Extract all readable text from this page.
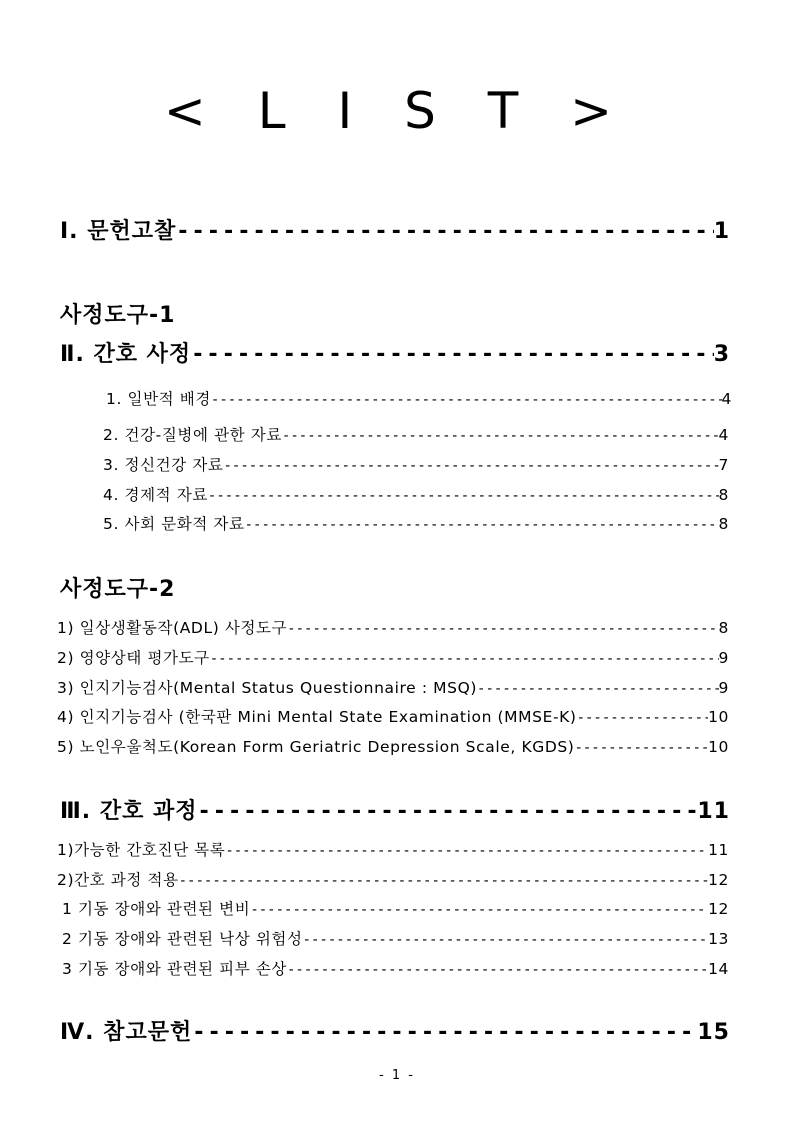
< L I S T >
Ⅰ. 문헌고찰 -----	1
사정도구-1
Ⅱ. 간호 사정 -----	3
1. 일반적 배경 -----	4
2. 건강-질병에 관한 자료 -----	4
3. 정신건강 자료 -----	7
4. 경제적 자료 -----	8
5. 사회 문화적 자료 -----	8
사정도구-2
1) 일상생활동작(ADL) 사정도구 -----	8
2) 영양상태 평가도구 -----	9
3) 인지기능검사(Mental Status Questionnaire : MSQ) -----	9
4) 인지기능검사 (한국판 Mini Mental State Examination (MMSE-K) -----	10
5) 노인우울척도(Korean Form Geriatric Depression Scale, KGDS) -----	10
Ⅲ. 간호 과정 -----	11
1)가능한 간호진단 목록 -----	11
2)간호 과정 적용 -----	12
1 기동 장애와 관련된 변비 -----	12
2 기동 장애와 관련된 낙상 위험성 -----	13
3 기동 장애와 관련된 피부 손상 -----	14
Ⅳ. 참고문헌 -----	15
- 1 -
